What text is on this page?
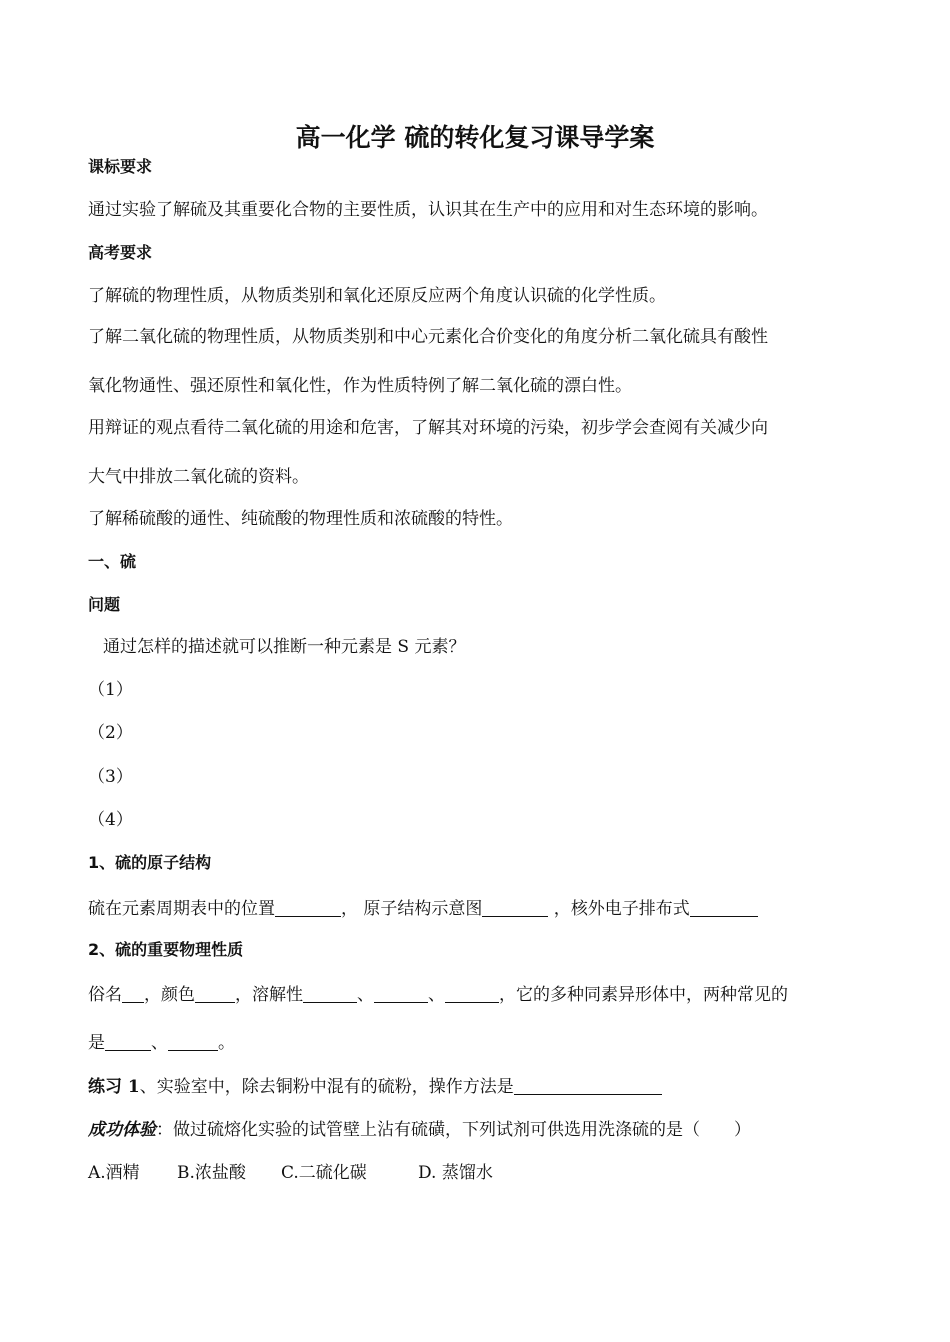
高一化学 硫的转化复习课导学案

课标要求

通过实验了解硫及其重要化合物的主要性质，认识其在生产中的应用和对生态环境的影响。

高考要求

了解硫的物理性质，从物质类别和氧化还原反应两个角度认识硫的化学性质。

了解二氧化硫的物理性质，从物质类别和中心元素化合价变化的角度分析二氧化硫具有酸性

氧化物通性、强还原性和氧化性，作为性质特例了解二氧化硫的漂白性。

用辩证的观点看待二氧化硫的用途和危害，了解其对环境的污染，初步学会查阅有关减少向

大气中排放二氧化硫的资料。

了解稀硫酸的通性、纯硫酸的物理性质和浓硫酸的特性。

一、硫

问题

通过怎样的描述就可以推断一种元素是 S 元素？

（1）

（2）

（3）

（4）

1、硫的原子结构

硫在元素周期表中的位置	， 原子结构示意图	，核外电子排布式

2、硫的重要物理性质

俗名 ，颜色 ，溶解性	、	、	，它的多种同素异形体中，两种常见的

是	、	。

练习 1、实验室中，除去铜粉中混有的硫粉，操作方法是

成功体验：做过硫熔化实验的试管壁上沾有硫磺，下列试剂可供选用洗涤硫的是（　　）

A.酒精 B.浓盐酸 C.二硫化碳	D. 蒸馏水
